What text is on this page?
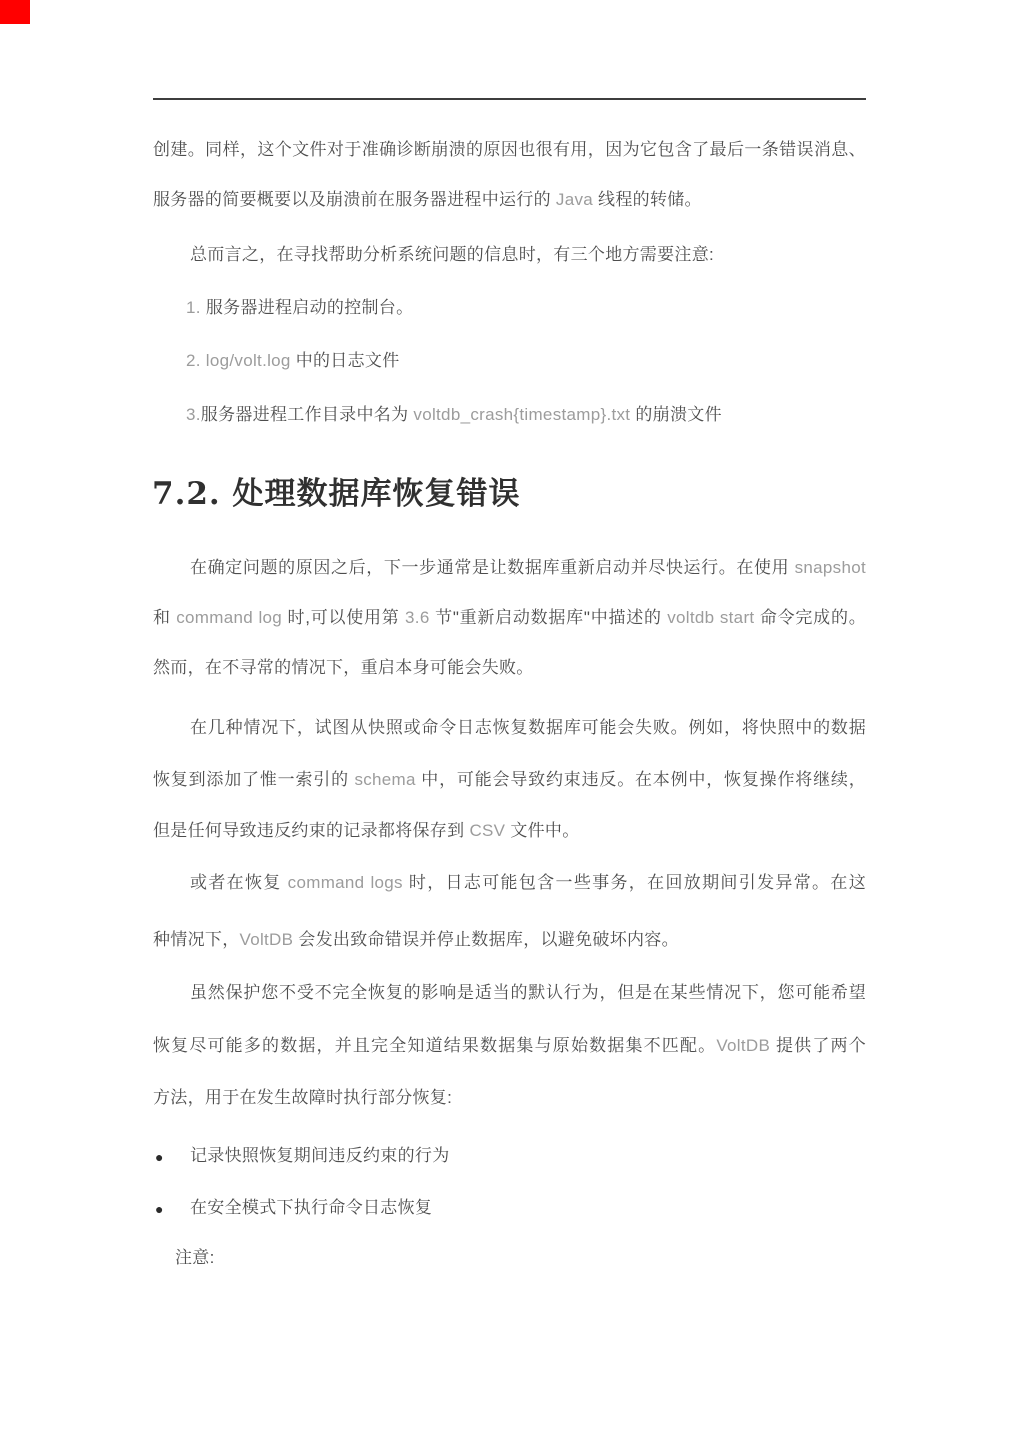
7.2. 处理数据库恢复错误
创建。同样，这个文件对于准确诊断崩溃的原因也很有用，因为它包含了最后一条错误消息、
服务器的简要概要以及崩溃前在服务器进程中运行的 Java 线程的转储。
总而言之，在寻找帮助分析系统问题的信息时，有三个地方需要注意:
1. 服务器进程启动的控制台。
2. log/volt.log 中的日志文件
3.服务器进程工作目录中名为 voltdb_crash{timestamp}.txt 的崩溃文件
在确定问题的原因之后，下一步通常是让数据库重新启动并尽快运行。在使用 snapshot
和 command log 时,可以使用第 3.6 节"重新启动数据库"中描述的 voltdb start 命令完成的。
然而，在不寻常的情况下，重启本身可能会失败。
在几种情况下，试图从快照或命令日志恢复数据库可能会失败。例如，将快照中的数据
恢复到添加了惟一索引的 schema 中，可能会导致约束违反。在本例中，恢复操作将继续，
但是任何导致违反约束的记录都将保存到 CSV 文件中。
或者在恢复 command logs 时，日志可能包含一些事务，在回放期间引发异常。在这
种情况下，VoltDB 会发出致命错误并停止数据库，以避免破坏内容。
虽然保护您不受不完全恢复的影响是适当的默认行为，但是在某些情况下，您可能希望
恢复尽可能多的数据，并且完全知道结果数据集与原始数据集不匹配。VoltDB 提供了两个
方法，用于在发生故障时执行部分恢复:
● 记录快照恢复期间违反约束的行为
● 在安全模式下执行命令日志恢复
注意:
